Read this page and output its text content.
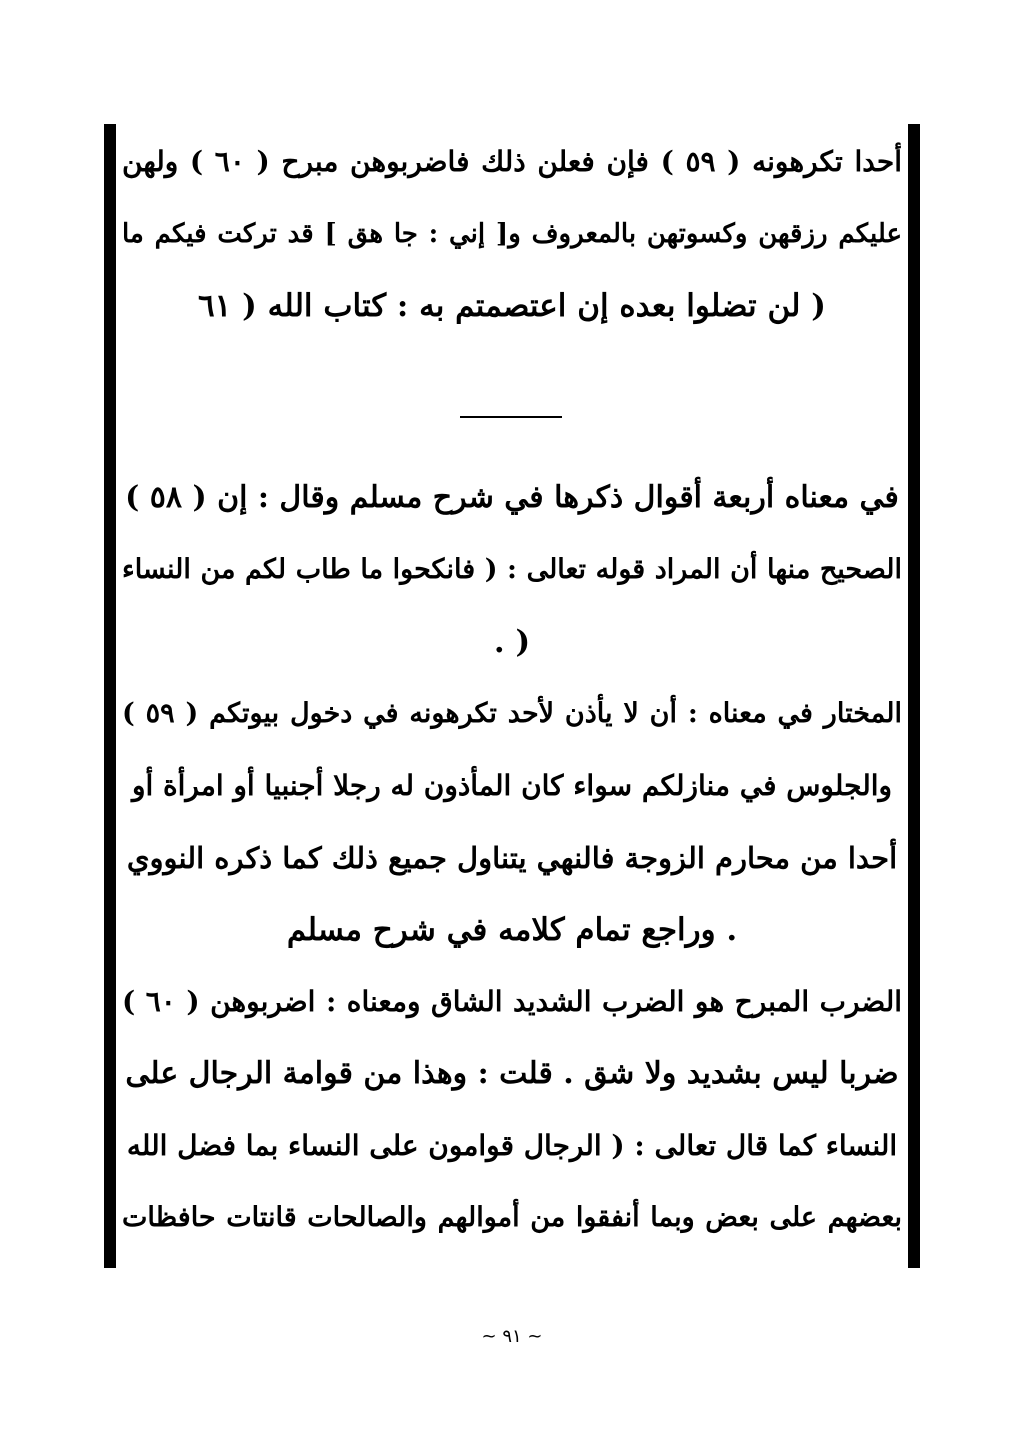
أحدا تكرهونه ( ٥٩ ) فإن فعلن ذلك فاضربوهن مبرح ( ٦٠ ) ولهن
عليكم رزقهن وكسوتهن بالمعروف و[ إني : جا هق ] قد تركت فيكم ما
( لن تضلوا بعده إن اعتصمتم به : كتاب الله ( ٦١
في معناه أربعة أقوال ذكرها في شرح مسلم وقال : إن ( ٥٨ )
الصحيح منها أن المراد قوله تعالى : ( فانكحوا ما طاب لكم من النساء
( .
المختار في معناه : أن لا يأذن لأحد تكرهونه في دخول بيوتكم ( ٥٩ )
والجلوس في منازلكم سواء كان المأذون له رجلا أجنبيا أو امرأة أو
أحدا من محارم الزوجة فالنهي يتناول جميع ذلك كما ذكره النووي
. وراجع تمام كلامه في شرح مسلم
الضرب المبرح هو الضرب الشديد الشاق ومعناه : اضربوهن ( ٦٠ )
ضربا ليس بشديد ولا شق . قلت : وهذا من قوامة الرجال على
النساء كما قال تعالى : ( الرجال قوامون على النساء بما فضل الله
بعضهم على بعض وبما أنفقوا من أموالهم والصالحات قانتات حافظات
~ ٩١ ~
